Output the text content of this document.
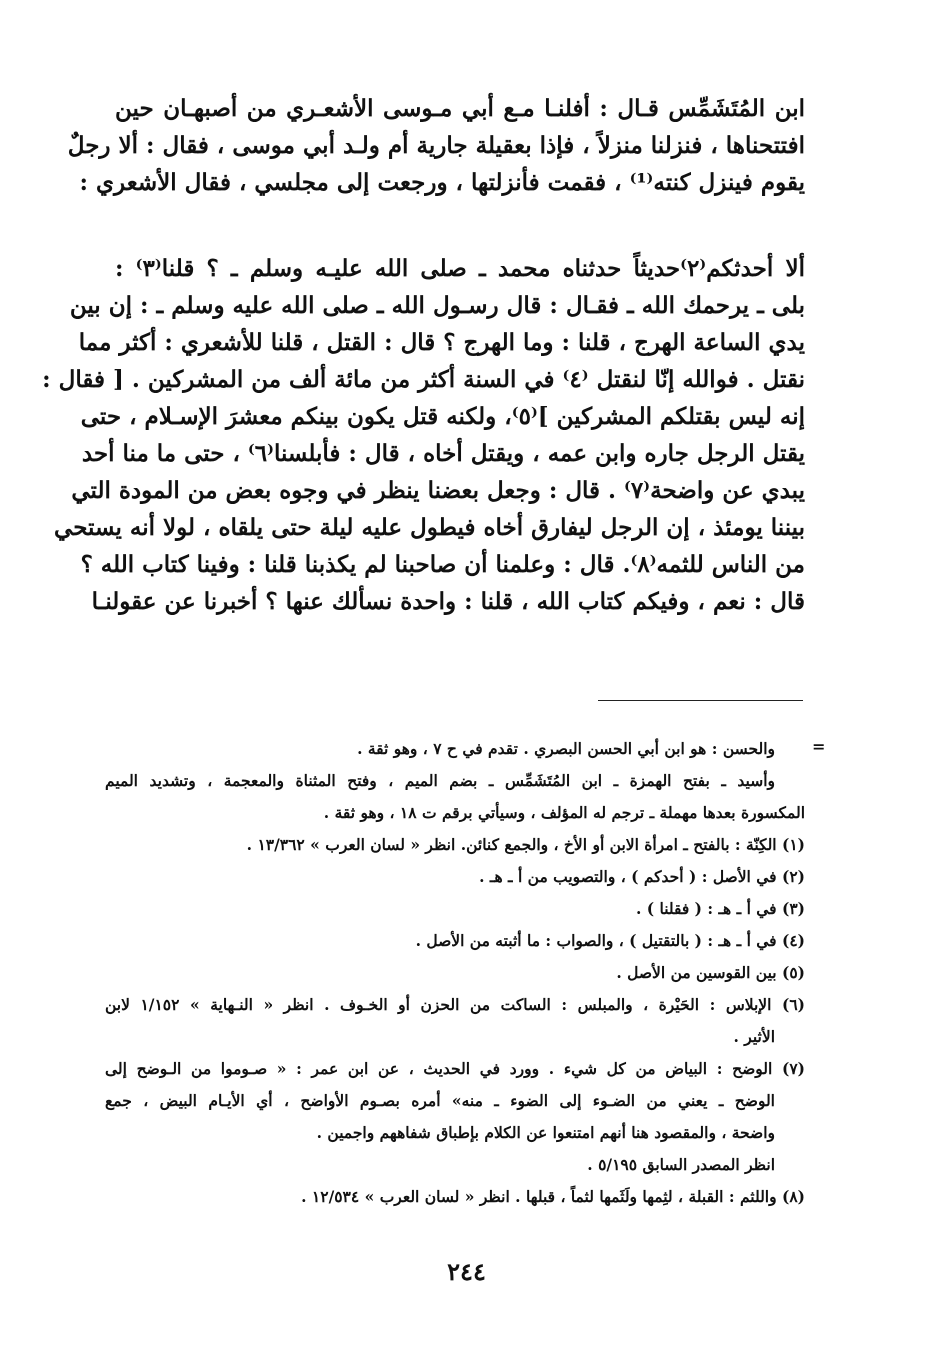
ابن المُتَشَمِّس قـال : أفلنـا مـع أبي مـوسى الأشعـري من أصبهـان حين
افتتحناها ، فنزلنا منزلاً ، فإذا بعقيلة جارية أم ولـد أبي موسى ، فقال : ألا رجلٌ
يقوم فينزل كنته⁽¹⁾ ، فقمت فأنزلتها ، ورجعت إلى مجلسي ، فقال الأشعري :
ألا أحدثكم⁽٢⁾حديثاً حدثناه محمد ـ صلى الله عليـه وسلم ـ ؟ قلنا⁽٣⁾ :
بلى ـ يرحمك الله ـ فقـال : قال رسـول الله ـ صلى الله عليه وسلم ـ : إن بين
يدي الساعة الهرج ، قلنا : وما الهرج ؟ قال : القتل ، قلنا للأشعري : أكثر مما
نقتل . فوالله إنّا لنقتل ⁽٤⁾ في السنة أكثر من مائة ألف من المشركين . [ فقال :
إنه ليس بقتلكم المشركين ]⁽٥⁾، ولكنه قتل يكون بينكم معشرَ الإسـلام ، حتى
يقتل الرجل جاره وابن عمه ، ويقتل أخاه ، قال : فأبلسنا⁽٦⁾ ، حتى ما منا أحد
يبدي عن واضحة⁽٧⁾ . قال : وجعل بعضنا ينظر في وجوه بعض من المودة التي
بيننا يومئذ ، إن الرجل ليفارق أخاه فيطول عليه ليلة حتى يلقاه ، لولا أنه يستحي
من الناس للثمه⁽٨⁾. قال : وعلمنا أن صاحبنا لم يكذبنا قلنا : وفينا كتاب الله ؟
قال : نعم ، وفيكم كتاب الله ، قلنا : واحدة نسألك عنها ؟ أخبرنا عن عقولنـا
=
والحسن : هو ابن أبي الحسن البصري . تقدم في ح ٧ ، وهو ثقة .
وأسيد ـ بفتح الهمزة ـ ابن المُتَشَمِّس ـ بضم الميم ، وفتح المثناة والمعجمة ، وتشديد الميم
المكسورة بعدها مهملة ـ ترجم له المؤلف ، وسيأتي برقم ت ١٨ ، وهو ثقة .
(١) الكِنّة : بالفتح ـ امرأة الابن أو الأخ ، والجمع كنائن. انظر « لسان العرب » ١٣/٣٦٢ .
(٢) في الأصل : ( أحدكم ) ، والتصويب من أ ـ هـ .
(٣) في أ ـ هـ : ( فقلنا ) .
(٤) في أ ـ هـ : ( بالتقتيل ) ، والصواب : ما أثبته من الأصل .
(٥) بين القوسين من الأصل .
(٦) الإبلاس : الحَيْرة ، والمبلس : الساكت من الحزن أو الخـوف . انظر « النـهاية » ١/١٥٢ لابن
الأثير .
(٧) الوضح : البياض من كل شيء . وورد في الحديث ، عن ابن عمر : « صـوموا من الـوضح إلى
الوضح ـ يعني من الضـوء إلى الضوء ـ منه» أمره بصـوم الأواضح ، أي الأيـام البيض ، جمع
واضحة ، والمقصود هنا أنهم امتنعوا عن الكلام بإطباق شفاههم واجمين .
انظر المصدر السابق ٥/١٩٥ .
(٨) واللثم : القبلة ، لثِمها ولَثَمها لثماً ، قبلها . انظر « لسان العرب » ١٢/٥٣٤ .
٢٤٤
